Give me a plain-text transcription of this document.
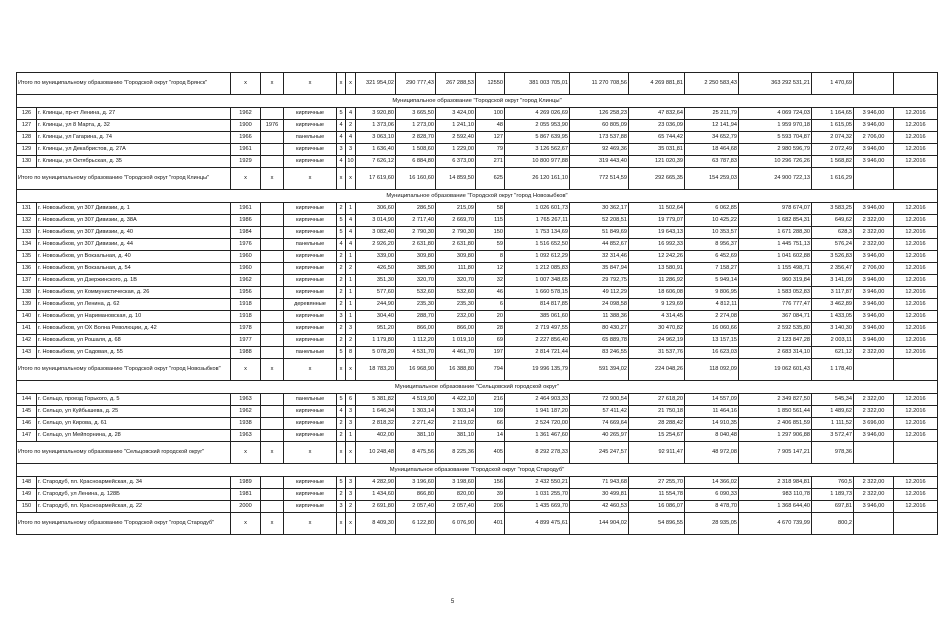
Итого по муниципальному образованию "Городской округ "город Брянск"		x	x	x	x	x	321 954,02	290 777,43	267 288,53	12550	381 003 705,01	11 270 708,56	4 269 881,81	2 250 583,43	363 292 531,21	1 470,69		
Муниципальное образование "Городской округ "город Клинцы"																		
126	г. Клинцы, пр-кт Ленина, д. 27	1962		кирпичные	5	4	3 920,80	3 665,50	3 424,00	100	4 269 026,69	126 258,23	47 832,64	25 211,79	4 069 724,03	1 164,65	3 946,00	12.2016
127	г. Клинцы, ул 8 Марта, д. 32	1900	1976	кирпичные	4	2	1 373,06	1 273,00	1 241,10	48	2 055 953,90	60 805,09	23 036,09	12 141,94	1 959 970,18	1 615,05	3 946,00	12.2016
128	г. Клинцы, ул Гагарина, д. 74	1966		панельные	4	4	3 063,10	2 828,70	2 592,40	127	5 867 639,95	173 537,88	65 744,42	34 652,79	5 593 704,87	2 074,32	2 706,00	12.2016
129	г. Клинцы, ул Декабристов, д. 27А	1961		кирпичные	3	3	1 636,40	1 508,60	1 229,00	79	3 126 562,67	92 469,36	35 031,81	18 464,68	2 980 596,79	2 072,49	3 946,00	12.2016
130	г. Клинцы, ул Октябрьская, д. 35	1929		кирпичные	4	10	7 626,12	6 884,80	6 373,00	271	10 800 977,88	319 443,40	121 020,39	63 787,83	10 296 726,26	1 568,82	3 946,00	12.2016
Итого по муниципальному образованию "Городской округ "город Клинцы"		x	x	x	x	x	17 619,60	16 160,60	14 859,50	625	26 120 161,10	772 514,59	292 665,35	154 259,03	24 900 722,13	1 616,29		
Муниципальное образование "Городской округ "город Новозыбков"																		
131	г. Новозыбков, ул 307 Дивизии, д. 1	1961		кирпичные	2	1	306,60	286,50	215,09	58	1 026 601,73	30 362,17	11 502,64	6 062,85	978 674,07	3 583,25	3 946,00	12.2016
132	г. Новозыбков, ул 307 Дивизии, д. 38А	1986		кирпичные	5	4	3 014,90	2 717,40	2 669,70	115	1 765 267,11	52 208,51	19 779,07	10 425,22	1 682 854,31	649,62	2 322,00	12.2016
133	г. Новозыбков, ул 307 Дивизии, д. 40	1984		кирпичные	5	4	3 082,40	2 790,30	2 790,30	150	1 753 134,69	51 849,69	19 643,13	10 353,57	1 671 288,30	628,3	2 322,00	12.2016
134	г. Новозыбков, ул 307 Дивизии, д. 44	1976		панельные	4	4	2 926,20	2 631,80	2 631,80	59	1 516 652,50	44 852,67	16 992,33	8 956,37	1 445 751,13	576,24	2 322,00	12.2016
135	г. Новозыбков, ул Вокзальная, д. 40	1960		кирпичные	2	1	339,00	309,80	309,80	8	1 092 612,29	32 314,46	12 242,26	6 452,69	1 041 602,88	3 526,83	3 946,00	12.2016
136	г. Новозыбков, ул Вокзальная, д. 54	1960		кирпичные	2	2	426,50	385,90	111,80	12	1 212 085,83	35 847,94	13 580,91	7 158,27	1 155 498,71	2 356,47	2 706,00	12.2016
137	г. Новозыбков, ул Дзержинского, д. 1В	1962		кирпичные	2	1	351,30	320,70	320,70	32	1 007 348,65	29 792,75	11 286,92	5 949,14	960 319,84	3 141,09	3 946,00	12.2016
138	г. Новозыбков, ул Коммунистическая, д. 26	1956		кирпичные	2	1	577,60	532,60	532,60	46	1 660 578,15	49 112,29	18 606,08	9 806,95	1 583 052,83	3 117,87	3 946,00	12.2016
139	г. Новозыбков, ул Ленина, д. 62	1918		деревянные	2	1	244,90	235,30	235,30	6	814 817,85	24 098,58	9 129,69	4 812,11	776 777,47	3 462,89	3 946,00	12.2016
140	г. Новозыбков, ул Наримановская, д. 10	1918		кирпичные	3	1	304,40	288,70	232,00	20	385 061,60	11 388,36	4 314,45	2 274,08	367 084,71	1 433,05	3 946,00	12.2016
141	г. Новозыбков, ул ОХ Волна Революции, д. 42	1978		кирпичные	2	3	951,20	866,00	866,00	28	2 719 497,55	80 430,27	30 470,82	16 060,66	2 592 535,80	3 140,30	3 946,00	12.2016
142	г. Новозыбков, ул Рошаля, д. 68	1977		кирпичные	2	2	1 179,80	1 112,20	1 019,10	69	2 227 856,40	65 889,78	24 962,19	13 157,15	2 123 847,28	2 003,11	3 946,00	12.2016
143	г. Новозыбков, ул Садовая, д. 55	1988		панельные	5	8	5 078,20	4 531,70	4 461,70	197	2 814 721,44	83 246,55	31 537,76	16 623,03	2 683 314,10	621,12	2 322,00	12.2016
Итого по муниципальному образованию "Городской округ "город Новозыбков"		x	x	x	x	x	18 783,20	16 968,90	16 388,80	794	19 996 135,79	591 394,02	224 048,26	118 092,09	19 062 601,43	1 178,40		
Муниципальное образование "Сельцовский городской округ"																		
144	г. Сельцо, проезд Горького, д. 5	1963		панельные	5	6	5 381,82	4 519,90	4 422,10	216	2 464 903,33	72 900,54	27 618,20	14 557,09	2 349 827,50	545,34	2 322,00	12.2016
145	г. Сельцо, ул Куйбышева, д. 25	1962		кирпичные	4	3	1 646,34	1 303,14	1 303,14	109	1 941 187,20	57 411,42	21 750,18	11 464,16	1 850 561,44	1 489,62	2 322,00	12.2016
146	г. Сельцо, ул Кирова, д. 61	1938		кирпичные	2	3	2 818,32	2 271,42	2 119,02	66	2 524 720,00	74 669,64	28 288,42	14 910,35	2 406 851,59	1 111,52	3 696,00	12.2016
147	г. Сельцо, ул Мейпорнина, д. 28	1963		кирпичные	2	1	402,00	381,10	381,10	14	1 361 467,60	40 265,97	15 254,67	8 040,48	1 297 906,88	3 572,47	3 946,00	12.2016
Итого по муниципальному образованию "Сельцовский городской округ"		x	x	x	x	x	10 248,48	8 475,56	8 225,36	405	8 292 278,33	245 247,57	92 911,47	48 972,08	7 905 147,21	978,36		
Муниципальное образование "Городской округ "город Стародуб"																		
148	г. Стародуб, пл. Красноармейская, д. 34	1989		кирпичные	5	3	4 282,90	3 196,60	3 198,60	156	2 432 550,21	71 943,68	27 255,70	14 366,02	2 318 984,81	760,5	2 322,00	12.2016
149	г. Стародуб, ул Ленина, д. 128Б	1981		кирпичные	2	3	1 434,60	866,80	820,00	39	1 031 255,70	30 499,81	11 554,78	6 090,33	983 110,78	1 189,73	2 322,00	12.2016
150	г. Стародуб, пл. Красноармейская, д. 22	2000		кирпичные	3	2	2 691,80	2 057,40	2 057,40	206	1 435 669,70	42 460,53	16 086,07	8 478,70	1 368 644,40	697,81	3 946,00	12.2016
Итого по муниципальному образованию "Городской округ "город Стародуб"		x	x	x	x	x	8 409,30	6 122,80	6 076,90	401	4 899 475,61	144 904,02	54 896,55	28 935,05	4 670 739,99	800,2		
5
